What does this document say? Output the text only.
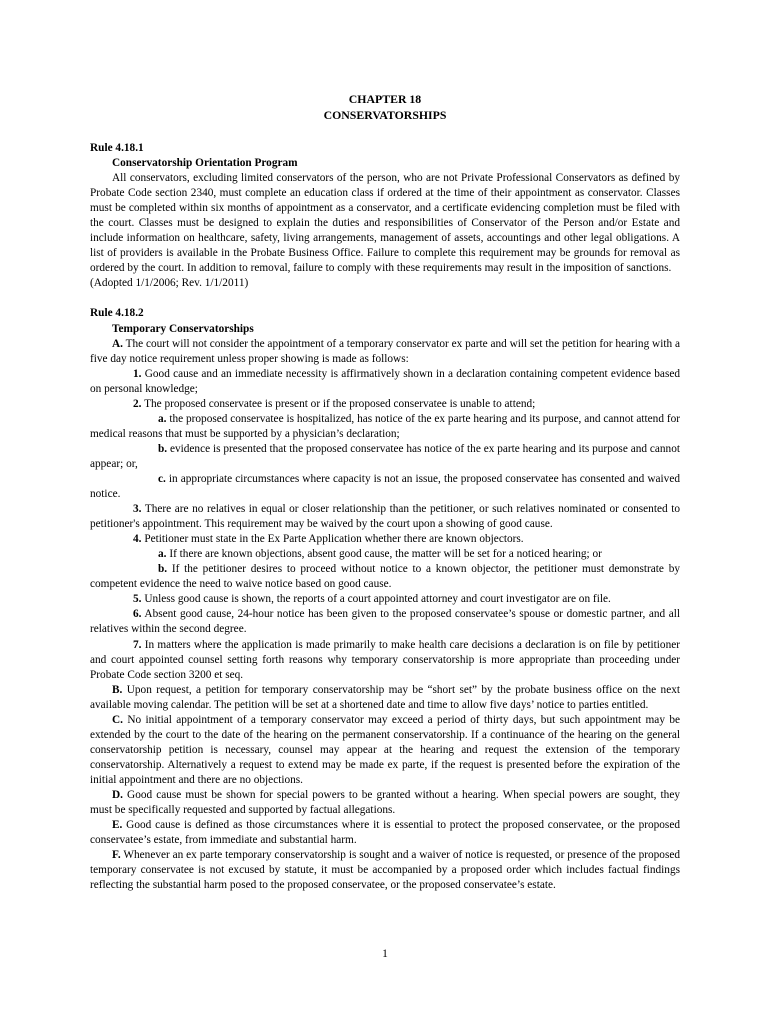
CHAPTER 18
CONSERVATORSHIPS
Rule 4.18.1
Conservatorship Orientation Program

All conservators, excluding limited conservators of the person, who are not Private Professional Conservators as defined by Probate Code section 2340, must complete an education class if ordered at the time of their appointment as conservator. Classes must be completed within six months of appointment as a conservator, and a certificate evidencing completion must be filed with the court. Classes must be designed to explain the duties and responsibilities of Conservator of the Person and/or Estate and include information on healthcare, safety, living arrangements, management of assets, accountings and other legal obligations. A list of providers is available in the Probate Business Office. Failure to complete this requirement may be grounds for removal as ordered by the court. In addition to removal, failure to comply with these requirements may result in the imposition of sanctions.

(Adopted 1/1/2006; Rev. 1/1/2011)

Rule 4.18.2
Temporary Conservatorships

A. The court will not consider the appointment of a temporary conservator ex parte and will set the petition for hearing with a five day notice requirement unless proper showing is made as follows:

1. Good cause and an immediate necessity is affirmatively shown in a declaration containing competent evidence based on personal knowledge;

2. The proposed conservatee is present or if the proposed conservatee is unable to attend;

a. the proposed conservatee is hospitalized, has notice of the ex parte hearing and its purpose, and cannot attend for medical reasons that must be supported by a physician’s declaration;

b. evidence is presented that the proposed conservatee has notice of the ex parte hearing and its purpose and cannot appear; or,

c. in appropriate circumstances where capacity is not an issue, the proposed conservatee has consented and waived notice.

3. There are no relatives in equal or closer relationship than the petitioner, or such relatives nominated or consented to petitioner's appointment. This requirement may be waived by the court upon a showing of good cause.

4. Petitioner must state in the Ex Parte Application whether there are known objectors.

a. If there are known objections, absent good cause, the matter will be set for a noticed hearing; or

b. If the petitioner desires to proceed without notice to a known objector, the petitioner must demonstrate by competent evidence the need to waive notice based on good cause.

5. Unless good cause is shown, the reports of a court appointed attorney and court investigator are on file.

6. Absent good cause, 24-hour notice has been given to the proposed conservatee’s spouse or domestic partner, and all relatives within the second degree.

7. In matters where the application is made primarily to make health care decisions a declaration is on file by petitioner and court appointed counsel setting forth reasons why temporary conservatorship is more appropriate than proceeding under Probate Code section 3200 et seq.

B. Upon request, a petition for temporary conservatorship may be “short set” by the probate business office on the next available moving calendar. The petition will be set at a shortened date and time to allow five days’ notice to parties entitled.

C. No initial appointment of a temporary conservator may exceed a period of thirty days, but such appointment may be extended by the court to the date of the hearing on the permanent conservatorship. If a continuance of the hearing on the general conservatorship petition is necessary, counsel may appear at the hearing and request the extension of the temporary conservatorship. Alternatively a request to extend may be made ex parte, if the request is presented before the expiration of the initial appointment and there are no objections.

D. Good cause must be shown for special powers to be granted without a hearing. When special powers are sought, they must be specifically requested and supported by factual allegations.

E. Good cause is defined as those circumstances where it is essential to protect the proposed conservatee, or the proposed conservatee’s estate, from immediate and substantial harm.

F. Whenever an ex parte temporary conservatorship is sought and a waiver of notice is requested, or presence of the proposed temporary conservatee is not excused by statute, it must be accompanied by a proposed order which includes factual findings reflecting the substantial harm posed to the proposed conservatee, or the proposed conservatee’s estate.

1
